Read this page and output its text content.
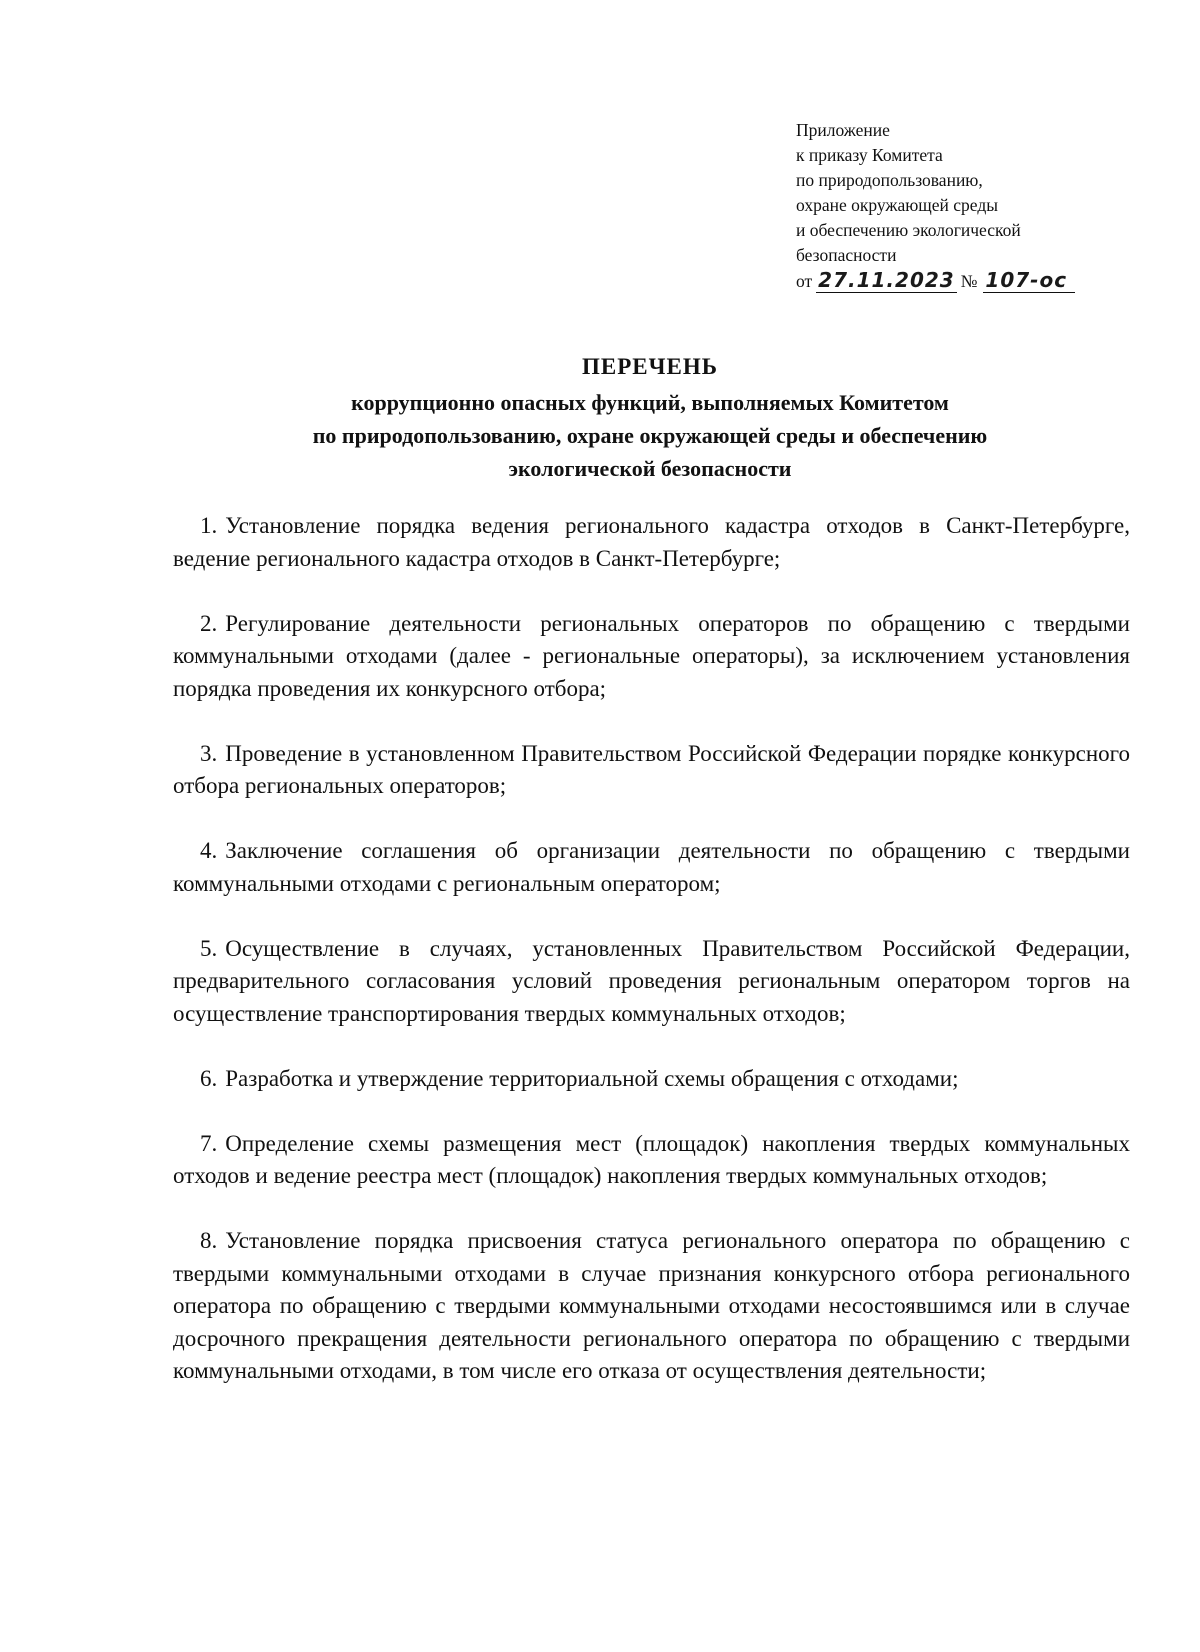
Приложение
к приказу Комитета
по природопользованию,
охране окружающей среды
и обеспечению экологической
безопасности
от 27.11.2023 № 107-ос
ПЕРЕЧЕНЬ
коррупционно опасных функций, выполняемых Комитетом
по природопользованию, охране окружающей среды и обеспечению
экологической безопасности

1. Установление порядка ведения регионального кадастра отходов в Санкт-Петербурге, ведение регионального кадастра отходов в Санкт-Петербурге;

2. Регулирование деятельности региональных операторов по обращению с твердыми коммунальными отходами (далее - региональные операторы), за исключением установления порядка проведения их конкурсного отбора;

3. Проведение в установленном Правительством Российской Федерации порядке конкурсного отбора региональных операторов;

4. Заключение соглашения об организации деятельности по обращению с твердыми коммунальными отходами с региональным оператором;

5. Осуществление в случаях, установленных Правительством Российской Федерации, предварительного согласования условий проведения региональным оператором торгов на осуществление транспортирования твердых коммунальных отходов;

6. Разработка и утверждение территориальной схемы обращения с отходами;

7. Определение схемы размещения мест (площадок) накопления твердых коммунальных отходов и ведение реестра мест (площадок) накопления твердых коммунальных отходов;

8. Установление порядка присвоения статуса регионального оператора по обращению с твердыми коммунальными отходами в случае признания конкурсного отбора регионального оператора по обращению с твердыми коммунальными отходами несостоявшимся или в случае досрочного прекращения деятельности регионального оператора по обращению с твердыми коммунальными отходами, в том числе его отказа от осуществления деятельности;
